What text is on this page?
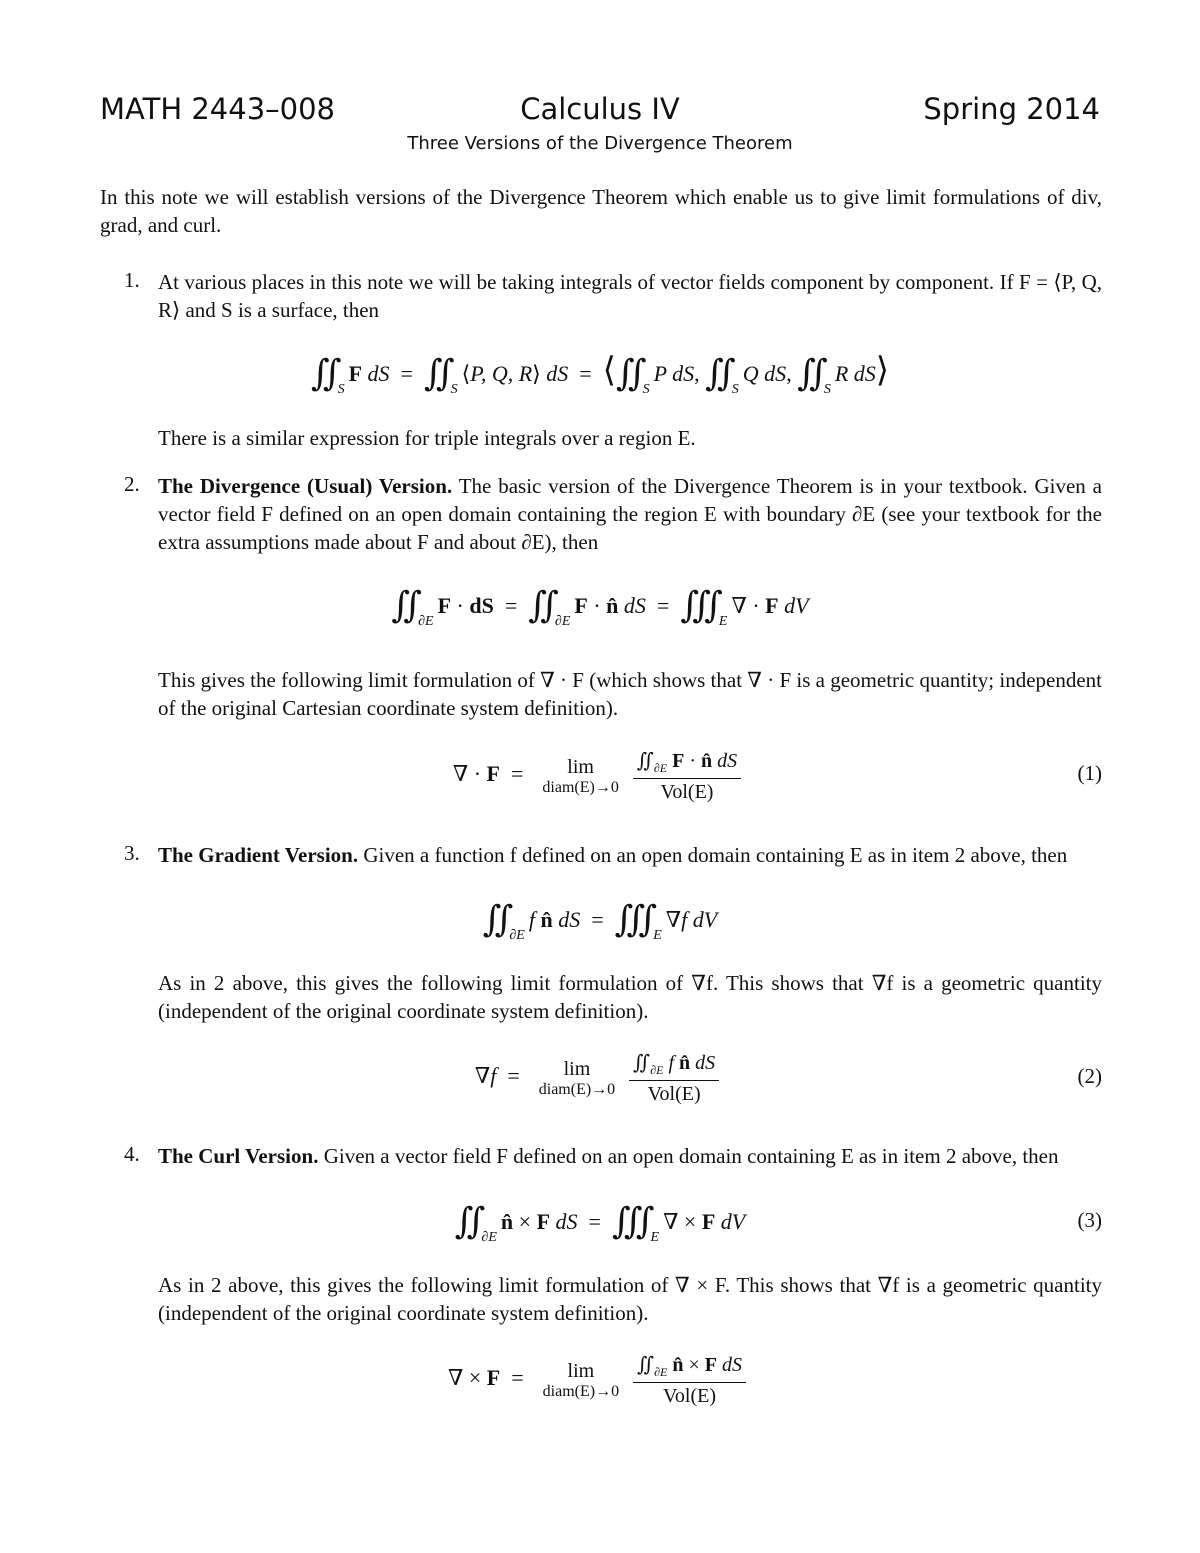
MATH 2443–008	Calculus IV	Spring 2014
Three Versions of the Divergence Theorem
In this note we will establish versions of the Divergence Theorem which enable us to give limit formulations of div, grad, and curl.
1. At various places in this note we will be taking integrals of vector fields component by component. If F = ⟨P, Q, R⟩ and S is a surface, then
∬ $_S$F dS  =  ∬ $_S$⟨P, Q, R⟩ dS  =  ⟨∬ $_S$P dS, ∬ $_S$Q dS, ∬ $_S$R dS⟩
There is a similar expression for triple integrals over a region E.
2. The Divergence (Usual) Version. The basic version of the Divergence Theorem is in your textbook. Given a vector field F defined on an open domain containing the region E with boundary ∂E (see your textbook for the extra assumptions made about F and about ∂E), then
∬ $_{\partial E}$F · dS  =  ∬ $_{\partial E}$F · n̂ dS  =  ∭ $_E$∇ · F dV
This gives the following limit formulation of ∇ · F (which shows that ∇ · F is a geometric quantity; independent of the original Cartesian coordinate system definition).
∇ · F  =	lim
diam(E)→0 $\frac{∬_{\partial E} F \cdot n̂ dS}{\text{Vol(E)}}$	(1)
3. The Gradient Version. Given a function f defined on an open domain containing E as in item 2 above, then
∬ $_{\partial E}$f n̂ dS  =  ∭ $_E$∇f dV
As in 2 above, this gives the following limit formulation of ∇f. This shows that ∇f is a geometric quantity (independent of the original coordinate system definition).
∇f  =	lim
diam(E)→0 $\frac{∬_{\partial E} f n̂ dS}{\text{Vol(E)}}$	(2)
4. The Curl Version. Given a vector field F defined on an open domain containing E as in item 2 above, then
∬ $_{\partial E}$n̂ × F dS  =  ∭ $_E$∇ × F dV	(3)
As in 2 above, this gives the following limit formulation of ∇ × F. This shows that ∇f is a geometric quantity (independent of the original coordinate system definition).
∇ × F  =	lim
diam(E)→0 $\frac{∬_{\partial E} n̂ \times F dS}{\text{Vol(E)}}$
